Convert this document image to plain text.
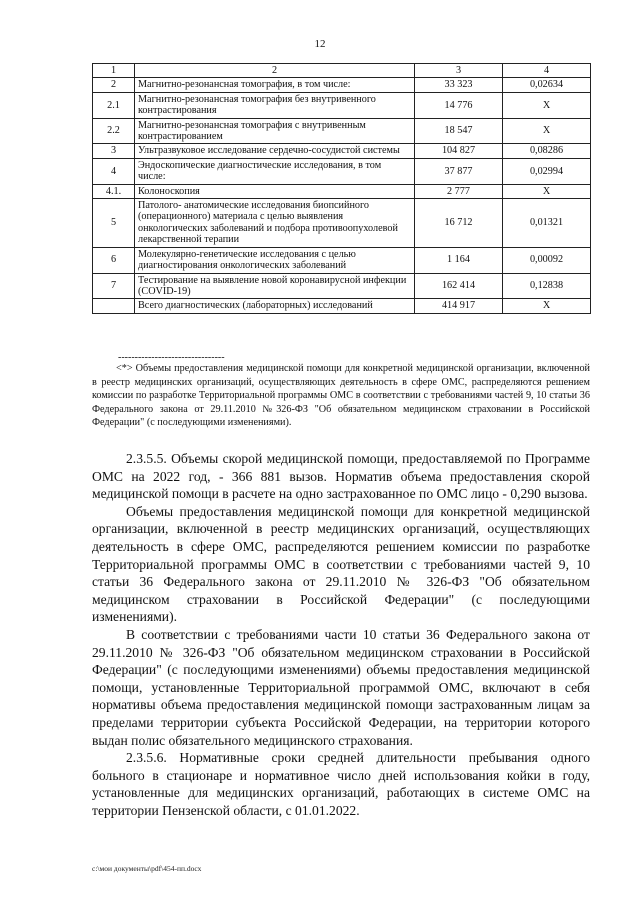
12
1	2	3	4
2	Магнитно-резонансная томография, в том числе:	33 323	0,02634
2.1	Магнитно-резонансная томография без внутривенного контрастирования	14 776	Х
2.2	Магнитно-резонансная томография с внутривенным контрастированием	18 547	Х
3	Ультразвуковое исследование сердечно-сосудистой системы	104 827	0,08286
4	Эндоскопические диагностические исследования, в том числе:	37 877	0,02994
4.1.	Колоноскопия	2 777	Х
5	Патолого- анатомические исследования биопсийного (операционного) материала с целью выявления онкологических заболеваний и подбора противоопухолевой лекарственной терапии	16 712	0,01321
6	Молекулярно-генетические исследования с целью диагностирования онкологических заболеваний	1 164	0,00092
7	Тестирование на выявление новой коронавирусной инфекции (COVID-19)	162 414	0,12838
	Всего диагностических (лабораторных) исследований	414 917	Х
--------------------------------

<*> Объемы предоставления медицинской помощи для конкретной медицинской организации, включенной в реестр медицинских организаций, осуществляющих деятельность в сфере ОМС, распределяются решением комиссии по разработке Территориальной программы ОМС в соответствии с требованиями частей 9, 10 статьи 36 Федерального закона от 29.11.2010 №326-ФЗ "Об обязательном медицинском страховании в Российской Федерации" (с последующими изменениями).

2.3.5.5. Объемы скорой медицинской помощи, предоставляемой по Программе ОМС на 2022 год, - 366 881 вызов. Норматив объема предоставления скорой медицинской помощи в расчете на одно застрахованное по ОМС лицо - 0,290 вызова.

Объемы предоставления медицинской помощи для конкретной медицинской организации, включенной в реестр медицинских организаций, осуществляющих деятельность в сфере ОМС, распределяются решением комиссии по разработке Территориальной программы ОМС в соответствии с требованиями частей 9, 10 статьи 36 Федерального закона от 29.11.2010 № 326-ФЗ "Об обязательном медицинском страховании в Российской Федерации" (с последующими изменениями).

В соответствии с требованиями части 10 статьи 36 Федерального закона от 29.11.2010 № 326-ФЗ "Об обязательном медицинском страховании в Российской Федерации" (с последующими изменениями) объемы предоставления медицинской помощи, установленные Территориальной программой ОМС, включают в себя нормативы объема предоставления медицинской помощи застрахованным лицам за пределами территории субъекта Российской Федерации, на территории которого выдан полис обязательного медицинского страхования.

2.3.5.6. Нормативные сроки средней длительности пребывания одного больного в стационаре и нормативное число дней использования койки в году, установленные для медицинских организаций, работающих в системе ОМС на территории Пензенской области, с 01.01.2022.

c:\мои документы\pdf\454-пп.docx
